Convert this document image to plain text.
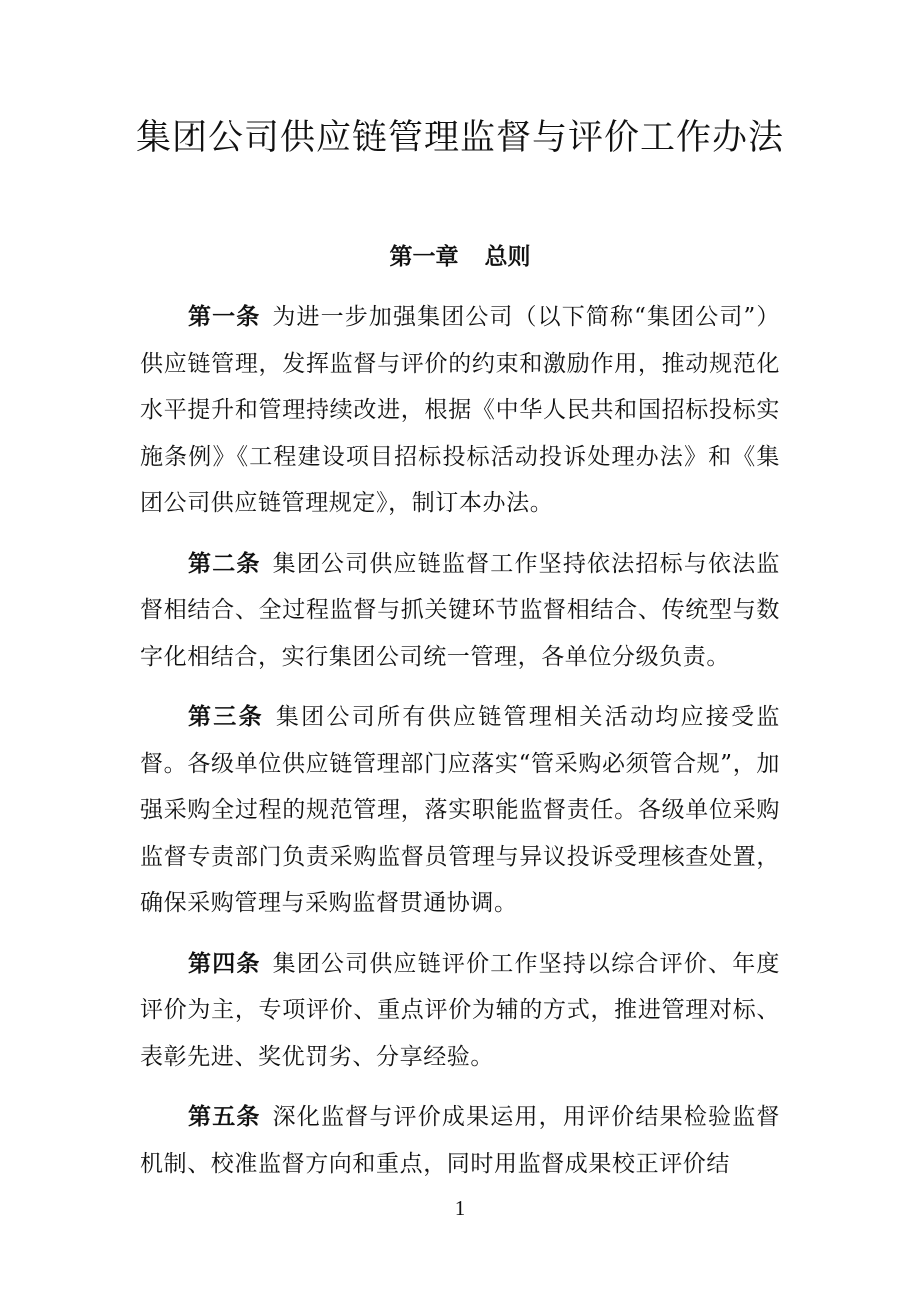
集团公司供应链管理监督与评价工作办法
第一章 总则

第一条 为进一步加强集团公司（以下简称“集团公司”）供应链管理，发挥监督与评价的约束和激励作用，推动规范化水平提升和管理持续改进，根据《中华人民共和国招标投标实施条例》《工程建设项目招标投标活动投诉处理办法》和《集团公司供应链管理规定》，制订本办法。

第二条 集团公司供应链监督工作坚持依法招标与依法监督相结合、全过程监督与抓关键环节监督相结合、传统型与数字化相结合，实行集团公司统一管理，各单位分级负责。

第三条 集团公司所有供应链管理相关活动均应接受监督。各级单位供应链管理部门应落实“管采购必须管合规”，加强采购全过程的规范管理，落实职能监督责任。各级单位采购监督专责部门负责采购监督员管理与异议投诉受理核查处置，确保采购管理与采购监督贯通协调。

第四条 集团公司供应链评价工作坚持以综合评价、年度评价为主，专项评价、重点评价为辅的方式，推进管理对标、表彰先进、奖优罚劣、分享经验。

第五条 深化监督与评价成果运用，用评价结果检验监督机制、校准监督方向和重点，同时用监督成果校正评价结

1
